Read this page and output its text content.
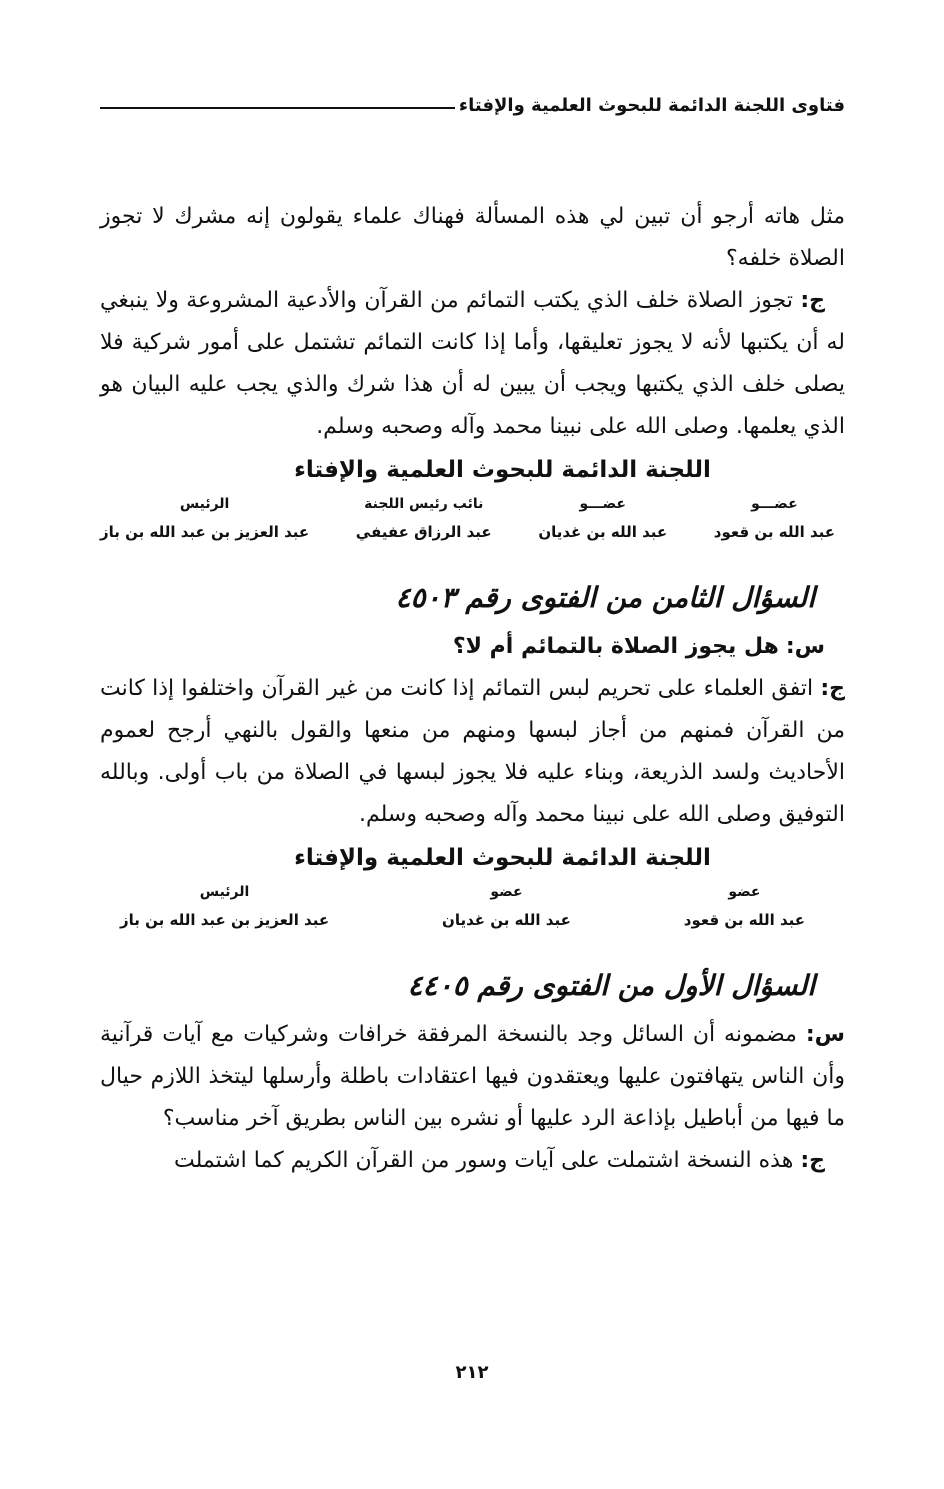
فتاوى اللجنة الدائمة للبحوث العلمية والإفتاء

مثل هاته أرجو أن تبين لي هذه المسألة فهناك علماء يقولون إنه مشرك لا تجوز الصلاة خلفه؟

ج: تجوز الصلاة خلف الذي يكتب التمائم من القرآن والأدعية المشروعة ولا ينبغي له أن يكتبها لأنه لا يجوز تعليقها، وأما إذا كانت التمائم تشتمل على أمور شركية فلا يصلى خلف الذي يكتبها ويجب أن يبين له أن هذا شرك والذي يجب عليه البيان هو الذي يعلمها. وصلى الله على نبينا محمد وآله وصحبه وسلم.

اللجنة الدائمة للبحوث العلمية والإفتاء
عضـــو
عبد الله بن قعود
عضـــو
عبد الله بن غديان
نائب رئيس اللجنة
عبد الرزاق عفيفي
الرئيس
عبد العزيز بن عبد الله بن باز
السؤال الثامن من الفتوى رقم ٤٥٠٣

س: هل يجوز الصلاة بالتمائم أم لا؟

ج: اتفق العلماء على تحريم لبس التمائم إذا كانت من غير القرآن واختلفوا إذا كانت من القرآن فمنهم من أجاز لبسها ومنهم من منعها والقول بالنهي أرجح لعموم الأحاديث ولسد الذريعة، وبناء عليه فلا يجوز لبسها في الصلاة من باب أولى. وبالله التوفيق وصلى الله على نبينا محمد وآله وصحبه وسلم.

اللجنة الدائمة للبحوث العلمية والإفتاء
عضو
عبد الله بن قعود
عضو
عبد الله بن غديان
الرئيس
عبد العزيز بن عبد الله بن باز
السؤال الأول من الفتوى رقم ٤٤٠٥

س: مضمونه أن السائل وجد بالنسخة المرفقة خرافات وشركيات مع آيات قرآنية وأن الناس يتهافتون عليها ويعتقدون فيها اعتقادات باطلة وأرسلها ليتخذ اللازم حيال ما فيها من أباطيل بإذاعة الرد عليها أو نشره بين الناس بطريق آخر مناسب؟

ج: هذه النسخة اشتملت على آيات وسور من القرآن الكريم كما اشتملت

٢١٢
